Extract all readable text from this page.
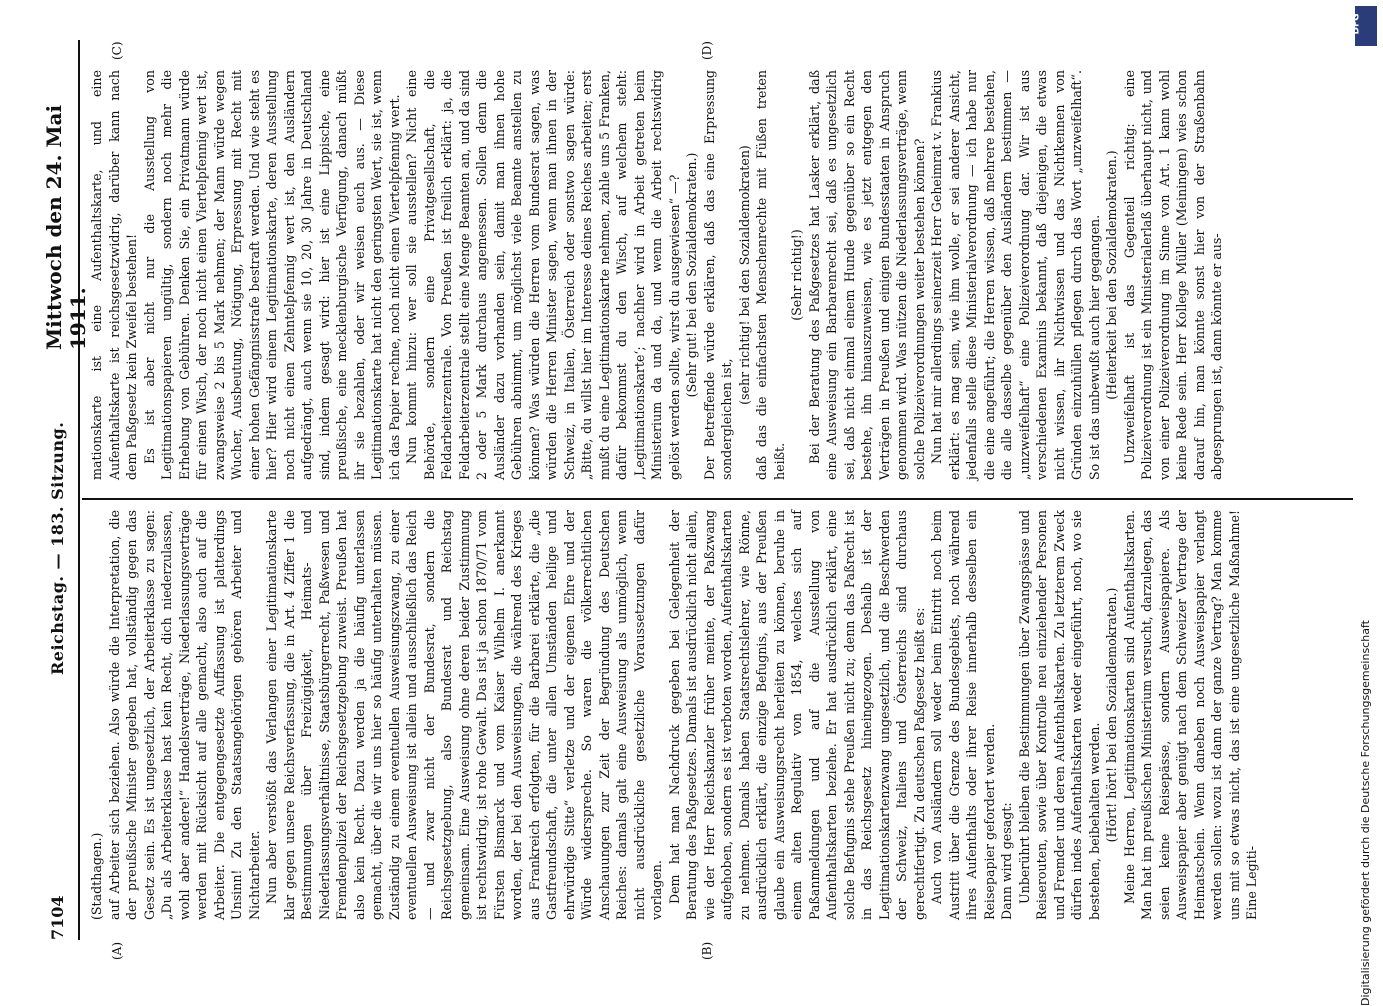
7104
Reichstag. — 183. Sitzung.
Mittwoch den 24. Mai 1911.
(A)	(B)
(C)	(D)

(Stadthagen.) auf Arbeiter sich beziehen. Also würde die Interpretation, die der preußische Minister gegeben hat, vollständig gegen das Gesetz sein. Es ist ungesetzlich, der Arbeiterklasse zu sagen: „Du als Arbeiterklasse hast kein Recht, dich niederzulassen, wohl aber andere!“ Handelsverträge, Niederlassungsverträge werden mit Rücksicht auf alle gemacht, also auch auf die Arbeiter. Die entgegengesetzte Auffassung ist platterdings Unsinn! Zu den Staatsangehörigen gehören Arbeiter und Nichtarbeiter. Nun aber verstößt das Verlangen einer Legitimationskarte klar gegen unsere Reichsverfassung, die in Art. 4 Ziffer 1 die Bestimmungen über Freizügigkeit, Heimats- und Niederlassungsverhältnisse, Staatsbürgerrecht, Paßwesen und Fremdenpolizei der Reichsgesetzgebung zuweist. Preußen hat also kein Recht. Dazu werden ja die häufig unterlassen gemacht, über die wir uns hier so häufig unterhalten müssen. Zuständig zu einem eventuellen Ausweisungszwang, zu einer eventuellen Ausweisung ist allein und ausschließlich das Reich — und zwar nicht der Bundesrat, sondern die Reichsgesetzgebung, also Bundesrat und Reichstag gemeinsam. Eine Ausweisung ohne deren beider Zustimmung ist rechtswidrig, ist rohe Gewalt. Das ist ja schon 1870/71 vom Fürsten Bismarck und vom Kaiser Wilhelm I. anerkannt worden, der bei den Ausweisungen, die während des Krieges aus Frankreich erfolgten, für die Barbarei erklärte, die „die Gastfreundschaft, die unter allen Umständen heilige und ehrwürdige Sitte“ verletze und der eigenen Ehre und der Würde widerspreche. So waren die völkerrechtlichen Anschauungen zur Zeit der Begründung des Deutschen Reiches: damals galt eine Ausweisung als unmöglich, wenn nicht ausdrückliche gesetzliche Voraussetzungen dafür vorlagen. Dem hat man Nachdruck gegeben bei Gelegenheit der Beratung des Paßgesetzes. Damals ist ausdrücklich nicht allein, wie der Herr Reichskanzler früher meinte, der Paßzwang aufgehoben, sondern es ist verboten worden, Aufenthaltskarten zu nehmen. Damals haben Staatsrechtslehrer, wie Rönne, ausdrücklich erklärt, die einzige Befugnis, aus der Preußen glaube ein Ausweisungsrecht herleiten zu können, beruhe in einem alten Regulativ von 1854, welches sich auf Paßanmeldungen und auf die Ausstellung von Aufenthaltskarten beziehe. Er hat ausdrücklich erklärt, eine solche Befugnis stehe Preußen nicht zu; denn das Paßrecht ist in das Reichsgesetz hineingezogen. Deshalb ist der Legitimationskartenzwang ungesetzlich, und die Beschwerden der Schweiz, Italiens und Österreichs sind durchaus gerechtfertigt. Zu deutschen Paßgesetz heißt es: Auch von Ausländern soll weder beim Eintritt noch beim Austritt über die Grenze des Bundesgebiets, noch während ihres Aufenthalts oder ihrer Reise innerhalb desselben ein Reisepapier gefordert werden. Dann wird gesagt: Unberührt bleiben die Bestimmungen über Zwangspässe und Reiserouten, sowie über Kontrolle neu einziehender Personen und Fremder und deren Aufenthaltskarten. Zu letzterem Zweck dürfen indes Aufenthaltskarten weder eingeführt, noch, wo sie bestehen, beibehalten werden. (Hört! hört! bei den Sozialdemokraten.) Meine Herren, Legitimationskarten sind Aufenthaltskarten. Man hat im preußischen Ministerium versucht, darzulegen, das seien keine Reisepässe, sondern Ausweispapiere. Als Ausweispapier aber genügt nach dem Schweizer Vertrage der Heimatschein. Wenn daneben noch Ausweispapier verlangt werden sollen: wozu ist dann der ganze Vertrag? Man komme uns mit so etwas nicht, das ist eine ungesetzliche Maßnahme! Eine Legiti-

mationskarte ist eine Aufenthaltskarte, und eine Aufenthaltskarte ist reichsgesetzwidrig, darüber kann nach dem Paßgesetz kein Zweifel bestehen! Es ist aber nicht nur die Ausstellung von Legitimationspapieren ungültig, sondern noch mehr die Erhebung von Gebühren. Denken Sie, ein Privatmann würde für einen Wisch, der noch nicht einen Viertelpfennig wert ist, zwangsweise 2 bis 5 Mark nehmen; der Mann würde wegen Wucher, Ausbeutung, Nötigung, Erpressung mit Recht mit einer hohen Gefängnisstrafe bestraft werden. Und wie steht es hier? Hier wird einem Legitimationskarte, deren Ausstellung noch nicht einen Zehntelpfennig wert ist, den Ausländern aufgedrängt, auch wenn sie 10, 20, 30 Jahre in Deutschland sind, indem gesagt wird: hier ist eine Lippische, eine preußische, eine mecklenburgische Verfügung, danach müßt ihr sie bezahlen, oder wir weisen euch aus. — Diese Legitimationskarte hat nicht den geringsten Wert, sie ist, wenn ich das Papier rechne, noch nicht einen Viertelpfennig wert. Nun kommt hinzu: wer soll sie ausstellen? Nicht eine Behörde, sondern eine Privatgesellschaft, die Feldarbeiterzentrale. Von Preußen ist freilich erklärt: ja, die Feldarbeiterzentrale stellt eine Menge Beamten an, und da sind 2 oder 5 Mark durchaus angemessen. Sollen denn die Ausländer dazu vorhanden sein, damit man ihnen hohe Gebühren abnimmt, um möglichst viele Beamte anstellen zu können? Was würden die Herren vom Bundesrat sagen, was würden die Herren Minister sagen, wenn man ihnen in der Schweiz, in Italien, Österreich oder sonstwo sagen würde: „Bitte, du willst hier im Interesse deines Reiches arbeiten; erst mußt du eine Legitimationskarte nehmen, zahle uns 5 Franken, dafür bekommst du den Wisch, auf welchem steht: ‚Legitimationskarte‘; nachher wird in Arbeit getreten beim Ministerium da und da, und wenn die Arbeit rechtswidrig gelöst werden sollte, wirst du ausgewiesen“ —? (Sehr gut! bei den Sozialdemokraten.) Der Betreffende würde erklären, daß das eine Erpressung sondergleichen ist,

(sehr richtig! bei den Sozialdemokraten) daß das die einfachsten Menschenrechte mit Füßen treten heißt.

(Sehr richtig!) Bei der Beratung des Paßgesetzes hat Lasker erklärt, daß eine Ausweisung ein Barbarenrecht sei, daß es ungesetzlich sei, daß nicht einmal einem Hunde gegenüber so ein Recht bestehe, ihn hinauszuweisen, wie es jetzt entgegen den Verträgen in Preußen und einigen Bundesstaaten in Anspruch genommen wird. Was nützen die Niederlassungsverträge, wenn solche Polizeiverordnungen weiter bestehen können? Nun hat mir allerdings seinerzeit Herr Geheimrat v. Frankius erklärt: es mag sein, wie ihm wolle, er sei anderer Ansicht, jedenfalls stelle diese Ministerialverordnung — ich habe nur die eine angeführt; die Herren wissen, daß mehrere bestehen, die alle dasselbe gegenüber den Ausländern bestimmen — „unzweifelhaft“ eine Polizeiverordnung dar. Wir ist aus verschiedenen Examinis bekannt, daß diejenigen, die etwas nicht wissen, ihr Nichtwissen und das Nichtkennen von Gründen einzuhüllen pflegen durch das Wort „unzweifelhaft“. So ist das unbewußt auch hier gegangen. (Heiterkeit bei den Sozialdemokraten.) Unzweifelhaft ist das Gegenteil richtig: eine Polizeiverordnung ist ein Ministerialerlaß überhaupt nicht, und von einer Polizeiverordnung im Sinne von Art. 1 kann wohl keine Rede sein. Herr Kollege Müller (Meiningen) wies schon darauf hin, man könnte sonst hier von der Straßenbahn abgesprungen ist, dann könnte er aus-

DFG
Digitalisierung gefördert durch die Deutsche Forschungsgemeinschaft
